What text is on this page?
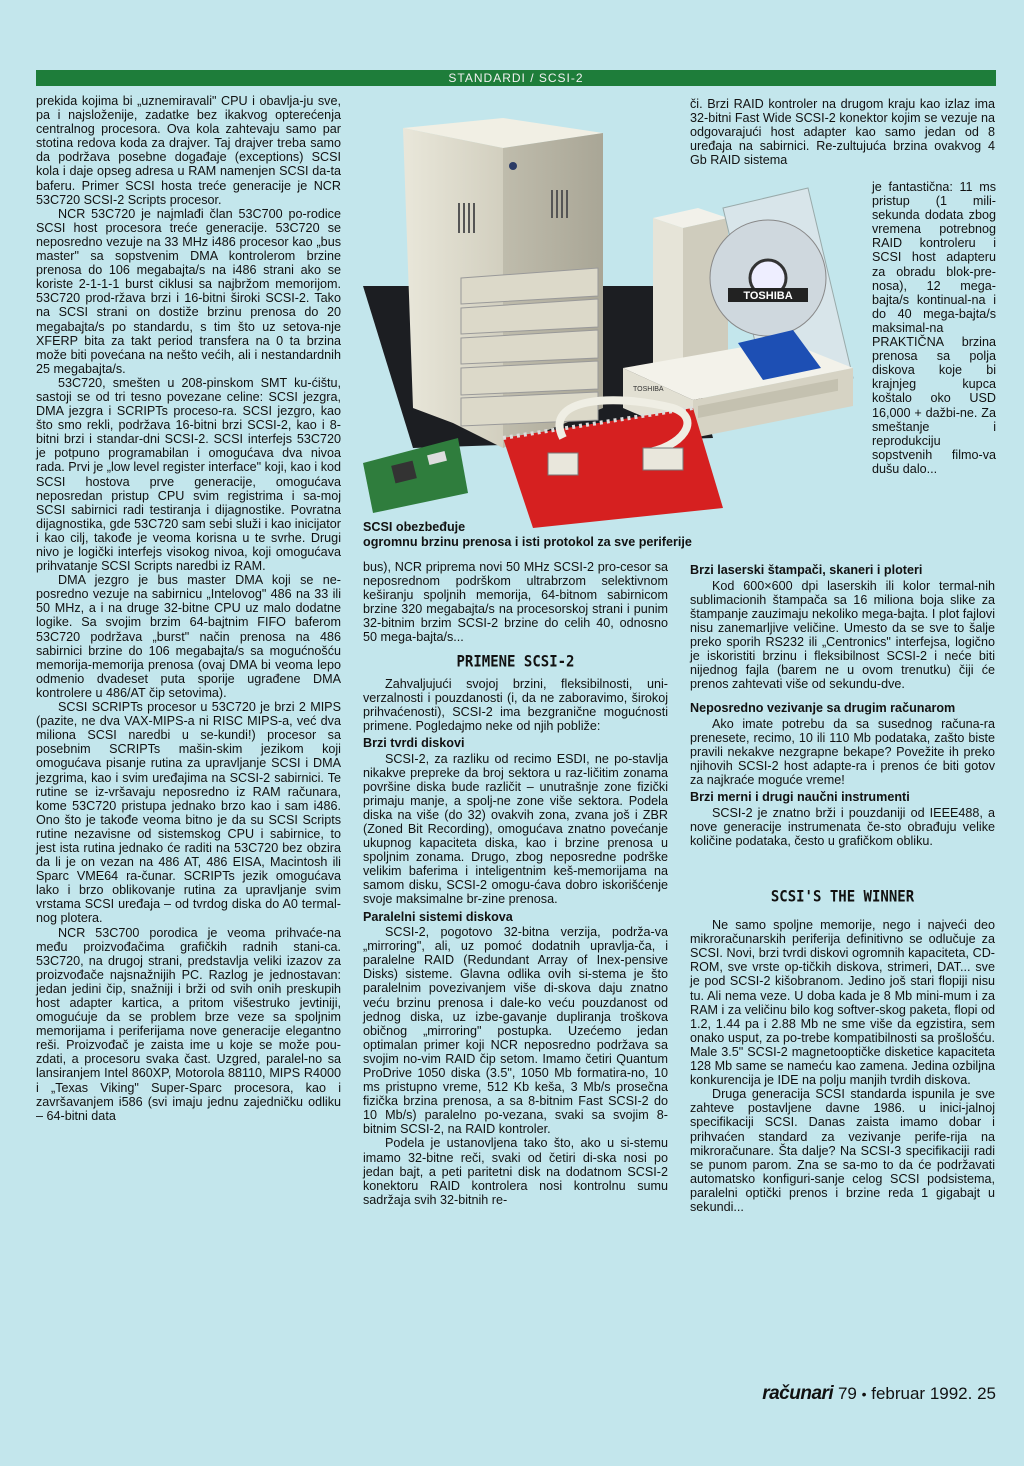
STANDARDI / SCSI-2

prekida kojima bi „uznemiravali" CPU i obavlja-ju sve, pa i najsloženije, zadatke bez ikakvog opterećenja centralnog procesora. Ova kola zahtevaju samo par stotina redova koda za drajver. Taj drajver treba samo da podržava posebne događaje (exceptions) SCSI kola i daje opseg adresa u RAM namenjen SCSI da-ta baferu. Primer SCSI hosta treće generacije je NCR 53C720 SCSI-2 Scripts procesor.

NCR 53C720 je najmlađi član 53C700 po-rodice SCSI host procesora treće generacije. 53C720 se neposredno vezuje na 33 MHz i486 procesor kao „bus master" sa sopstvenim DMA kontrolerom brzine prenosa do 106 megabajta/s na i486 strani ako se koriste 2-1-1-1 burst ciklusi sa najbržom memorijom. 53C720 prod-ržava brzi i 16-bitni široki SCSI-2. Tako na SCSI strani on dostiže brzinu prenosa do 20 megabajta/s po standardu, s tim što uz setova-nje XFERP bita za takt period transfera na 0 ta brzina može biti povećana na nešto većih, ali i nestandardnih 25 megabajta/s.

53C720, smešten u 208-pinskom SMT ku-ćištu, sastoji se od tri tesno povezane celine: SCSI jezgra, DMA jezgra i SCRIPTs proceso-ra. SCSI jezgro, kao što smo rekli, podržava 16-bitni brzi SCSI-2, kao i 8-bitni brzi i standar-dni SCSI-2. SCSI interfejs 53C720 je potpuno programabilan i omogućava dva nivoa rada. Prvi je „low level register interface" koji, kao i kod SCSI hostova prve generacije, omogućava neposredan pristup CPU svim registrima i sa-moj SCSI sabirnici radi testiranja i dijagnostike. Povratna dijagnostika, gde 53C720 sam sebi služi i kao inicijator i kao cilj, takođe je veoma korisna u te svrhe. Drugi nivo je logički interfejs visokog nivoa, koji omogućava prihvatanje SCSI Scripts naredbi iz RAM.

DMA jezgro je bus master DMA koji se ne-posredno vezuje na sabirnicu „Intelovog" 486 na 33 ili 50 MHz, a i na druge 32-bitne CPU uz malo dodatne logike. Sa svojim brzim 64-bajtnim FIFO baferom 53C720 podržava „burst" način prenosa na 486 sabirnici brzine do 106 megabajta/s sa mogućnošću memorija-memorija prenosa (ovaj DMA bi veoma lepo odmenio dvadeset puta sporije ugrađene DMA kontrolere u 486/AT čip setovima).

SCSI SCRIPTs procesor u 53C720 je brzi 2 MIPS (pazite, ne dva VAX-MIPS-a ni RISC MIPS-a, već dva miliona SCSI naredbi u se-kundi!) procesor sa posebnim SCRIPTs mašin-skim jezikom koji omogućava pisanje rutina za upravljanje SCSI i DMA jezgrima, kao i svim uređajima na SCSI-2 sabirnici. Te rutine se iz-vršavaju neposredno iz RAM računara, kome 53C720 pristupa jednako brzo kao i sam i486. Ono što je takođe veoma bitno je da su SCSI Scripts rutine nezavisne od sistemskog CPU i sabirnice, to jest ista rutina jednako će raditi na 53C720 bez obzira da li je on vezan na 486 AT, 486 EISA, Macintosh ili Sparc VME64 ra-čunar. SCRIPTs jezik omogućava lako i brzo oblikovanje rutina za upravljanje svim vrstama SCSI uređaja – od tvrdog diska do A0 termal-nog plotera.

NCR 53C700 porodica je veoma prihvaće-na među proizvođačima grafičkih radnih stani-ca. 53C720, na drugoj strani, predstavlja veliki izazov za proizvođače najsnažnijih PC. Razlog je jednostavan: jedan jedini čip, snažniji i brži od svih onih preskupih host adapter kartica, a pritom višestruko jevtiniji, omogućuje da se problem brze veze sa spoljnim memorijama i periferijama nove generacije elegantno reši. Proizvođač je zaista ime u koje se može pou-zdati, a procesoru svaka čast. Uzgred, paralel-no sa lansiranjem Intel 860XP, Motorola 88110, MIPS R4000 i „Texas Viking" Super-Sparc procesora, kao i završavanjem i586 (svi imaju jednu zajedničku odliku – 64-bitni data

TOSHIBA
TOSHIBA
SCSI obezbeđuje
ogromnu brzinu prenosa i isti protokol za sve periferije

bus), NCR priprema novi 50 MHz SCSI-2 pro-cesor sa neposrednom podrškom ultrabrzom selektivnom keširanju spoljnih memorija, 64-bitnom sabirnicom brzine 320 megabajta/s na procesorskoj strani i punim 32-bitnim brzim SCSI-2 brzine do celih 40, odnosno 50 mega-bajta/s...

PRIMENE SCSI-2

Zahvaljujući svojoj brzini, fleksibilnosti, uni-verzalnosti i pouzdanosti (i, da ne zaboravimo, širokoj prihvaćenosti), SCSI-2 ima bezgranične mogućnosti primene. Pogledajmo neke od njih pobliže:

Brzi tvrdi diskovi

SCSI-2, za razliku od recimo ESDI, ne po-stavlja nikakve prepreke da broj sektora u raz-ličitim zonama površine diska bude različit – unutrašnje zone fizički primaju manje, a spolj-ne zone više sektora. Podela diska na više (do 32) ovakvih zona, zvana još i ZBR (Zoned Bit Recording), omogućava znatno povećanje ukupnog kapaciteta diska, kao i brzine prenosa u spoljnim zonama. Drugo, zbog neposredne podrške velikim baferima i inteligentnim keš-memorijama na samom disku, SCSI-2 omogu-ćava dobro iskorišćenje svoje maksimalne br-zine prenosa.

Paralelni sistemi diskova

SCSI-2, pogotovo 32-bitna verzija, podrža-va „mirroring", ali, uz pomoć dodatnih upravlja-ča, i paralelne RAID (Redundant Array of Inex-pensive Disks) sisteme. Glavna odlika ovih si-stema je što paralelnim povezivanjem više di-skova daju znatno veću brzinu prenosa i dale-ko veću pouzdanost od jednog diska, uz izbe-gavanje dupliranja troškova običnog „mirroring" postupka. Uzećemo jedan optimalan primer koji NCR neposredno podržava sa svojim no-vim RAID čip setom. Imamo četiri Quantum ProDrive 1050 diska (3.5", 1050 Mb formatira-no, 10 ms pristupno vreme, 512 Kb keša, 3 Mb/s prosečna fizička brzina prenosa, a sa 8-bitnim Fast SCSI-2 do 10 Mb/s) paralelno po-vezana, svaki sa svojim 8-bitnim SCSI-2, na RAID kontroler.

Podela je ustanovljena tako što, ako u si-stemu imamo 32-bitne reči, svaki od četiri di-ska nosi po jedan bajt, a peti paritetni disk na dodatnom SCSI-2 konektoru RAID kontrolera nosi kontrolnu sumu sadržaja svih 32-bitnih re-

či. Brzi RAID kontroler na drugom kraju kao izlaz ima 32-bitni Fast Wide SCSI-2 konektor kojim se vezuje na odgovarajući host adapter kao samo jedan od 8 uređaja na sabirnici. Re-zultujuća brzina ovakvog 4 Gb RAID sistema

je fantastična: 11 ms pristup (1 mili-sekunda dodata zbog vremena potrebnog RAID kontroleru i SCSI host adapteru za obradu blok-pre-nosa), 12 mega-bajta/s kontinual-na i do 40 mega-bajta/s maksimal-na PRAKTIČNA brzina prenosa sa polja diskova koje bi krajnjeg kupca koštalo oko USD 16,000 + dažbi-ne. Za smeštanje i reprodukciju sopstvenih filmo-va dušu dalo...

Brzi laserski štampači, skaneri i ploteri

Kod 600×600 dpi laserskih ili kolor termal-nih sublimacionih štampača sa 16 miliona boja slike za štampanje zauzimaju nekoliko mega-bajta. I plot fajlovi nisu zanemarljive veličine. Umesto da se sve to šalje preko sporih RS232 ili „Centronics" interfejsa, logično je iskoristiti brzinu i fleksibilnost SCSI-2 i neće biti nijednog fajla (barem ne u ovom trenutku) čiji će prenos zahtevati više od sekundu-dve.

Neposredno vezivanje sa drugim računarom

Ako imate potrebu da sa susednog računa-ra prenesete, recimo, 10 ili 110 Mb podataka, zašto biste pravili nekakve nezgrapne bekape? Povežite ih preko njihovih SCSI-2 host adapte-ra i prenos će biti gotov za najkraće moguće vreme!

Brzi merni i drugi naučni instrumenti

SCSI-2 je znatno brži i pouzdaniji od IEEE488, a nove generacije instrumenata če-sto obrađuju velike količine podataka, često u grafičkom obliku.

SCSI'S THE WINNER

Ne samo spoljne memorije, nego i najveći deo mikroračunarskih periferija definitivno se odlučuje za SCSI. Novi, brzi tvrdi diskovi ogromnih kapaciteta, CD-ROM, sve vrste op-tičkih diskova, strimeri, DAT... sve je pod SCSI-2 kišobranom. Jedino još stari flopiji nisu tu. Ali nema veze. U doba kada je 8 Mb mini-mum i za RAM i za veličinu bilo kog softver-skog paketa, flopi od 1.2, 1.44 pa i 2.88 Mb ne sme više da egzistira, sem onako usput, za po-trebe kompatibilnosti sa prošlošću. Male 3.5" SCSI-2 magnetooptičke disketice kapaciteta 128 Mb same se nameću kao zamena. Jedina ozbiljna konkurencija je IDE na polju manjih tvrdih diskova.

Druga generacija SCSI standarda ispunila je sve zahteve postavljene davne 1986. u inici-jalnoj specifikaciji SCSI. Danas zaista imamo dobar i prihvaćen standard za vezivanje perife-rija na mikroračunare. Šta dalje? Na SCSI-3 specifikaciji radi se punom parom. Zna se sa-mo to da će podržavati automatsko konfiguri-sanje celog SCSI podsistema, paralelni optički prenos i brzine reda 1 gigabajt u sekundi...

računari 79 • februar 1992. 25
